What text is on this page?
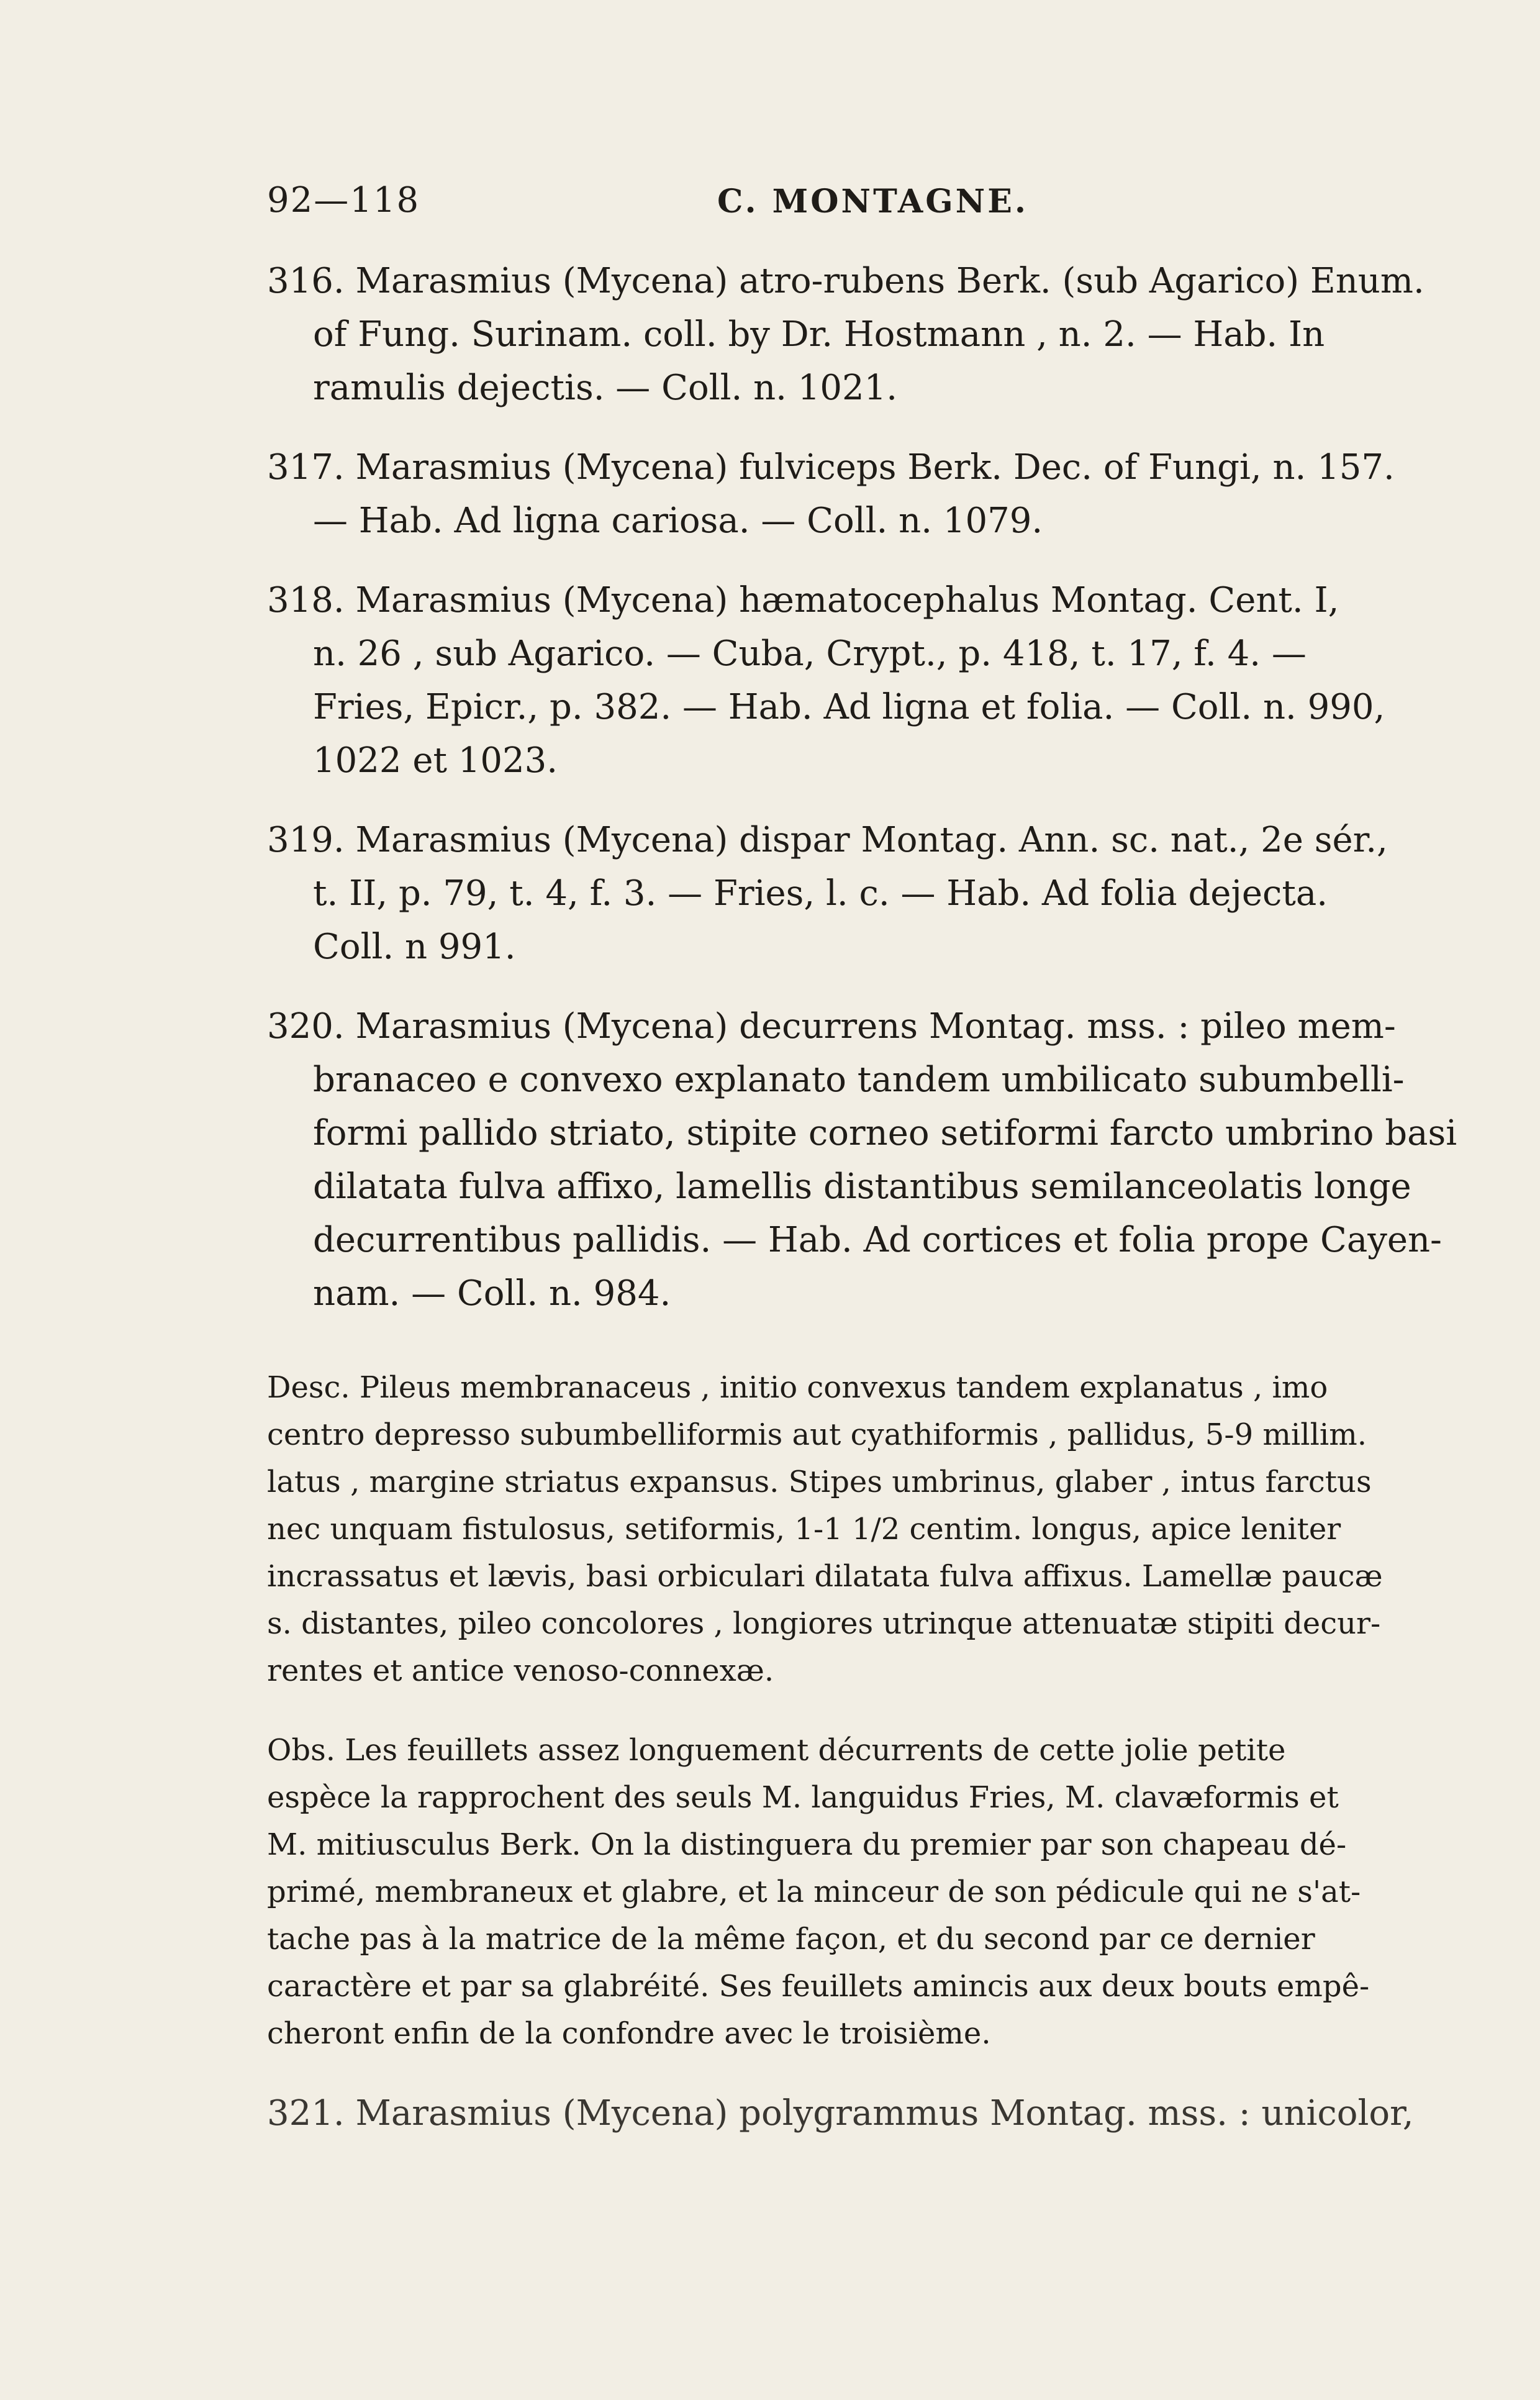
92—118	C. MONTAGNE.
316. Marasmius (Mycena) atro-rubens Berk. (sub Agarico) Enum.
of Fung. Surinam. coll. by Dr. Hostmann , n. 2. — Hab. In
ramulis dejectis. — Coll. n. 1021.
317. Marasmius (Mycena) fulviceps Berk. Dec. of Fungi, n. 157.
— Hab. Ad ligna cariosa. — Coll. n. 1079.
318. Marasmius (Mycena) hæmatocephalus Montag. Cent. I,
n. 26 , sub Agarico. — Cuba, Crypt., p. 418, t. 17, f. 4. —
Fries, Epicr., p. 382. — Hab. Ad ligna et folia. — Coll. n. 990,
1022 et 1023.
319. Marasmius (Mycena) dispar Montag. Ann. sc. nat., 2e sér.,
t. II, p. 79, t. 4, f. 3. — Fries, l. c. — Hab. Ad folia dejecta.
Coll. n 991.
320. Marasmius (Mycena) decurrens Montag. mss. : pileo mem-
branaceo e convexo explanato tandem umbilicato subumbelli-
formi pallido striato, stipite corneo setiformi farcto umbrino basi
dilatata fulva affixo, lamellis distantibus semilanceolatis longe
decurrentibus pallidis. — Hab. Ad cortices et folia prope Cayen-
nam. — Coll. n. 984.
Desc. Pileus membranaceus , initio convexus tandem explanatus , imo
centro depresso subumbelliformis aut cyathiformis , pallidus, 5-9 millim.
latus , margine striatus expansus. Stipes umbrinus, glaber , intus farctus
nec unquam fistulosus, setiformis, 1-1 1/2 centim. longus, apice leniter
incrassatus et lævis, basi orbiculari dilatata fulva affixus. Lamellæ paucæ
s. distantes, pileo concolores , longiores utrinque attenuatæ stipiti decur-
rentes et antice venoso-connexæ.
Obs. Les feuillets assez longuement décurrents de cette jolie petite
espèce la rapprochent des seuls M. languidus Fries, M. clavæformis et
M. mitiusculus Berk. On la distinguera du premier par son chapeau dé-
primé, membraneux et glabre, et la minceur de son pédicule qui ne s'at-
tache pas à la matrice de la même façon, et du second par ce dernier
caractère et par sa glabréité. Ses feuillets amincis aux deux bouts empê-
cheront enfin de la confondre avec le troisième.
321. Marasmius (Mycena) polygrammus Montag. mss. : unicolor,
